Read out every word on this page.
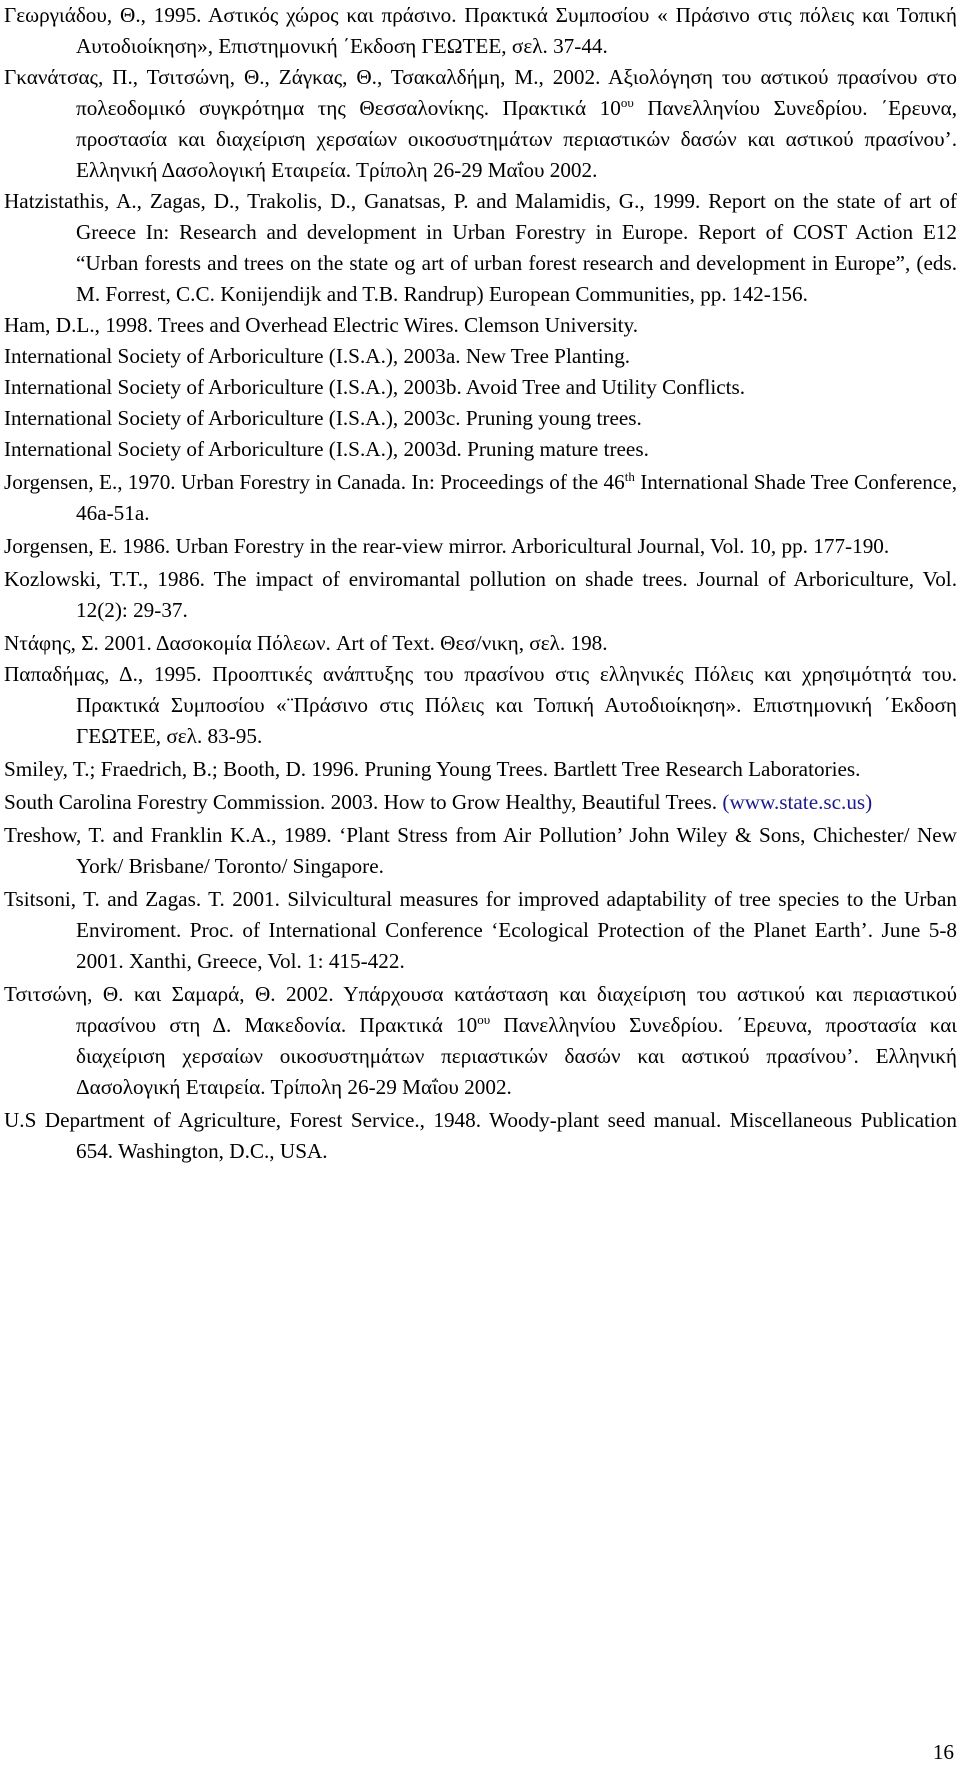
Γεωργιάδου, Θ., 1995. Αστικός χώρος και πράσινο. Πρακτικά Συμποσίου « Πράσινο στις πόλεις και Τοπική Αυτοδιοίκηση», Επιστημονική ΄Εκδοση ΓΕΩΤΕΕ, σελ. 37-44.
Γκανάτσας, Π., Τσιτσώνη, Θ., Ζάγκας, Θ., Τσακαλδήμη, Μ., 2002. Αξιολόγηση του αστικού πρασίνου στο πολεοδομικό συγκρότημα της Θεσσαλονίκης. Πρακτικά $10^{o\upsilon}$ Πανελληνίου Συνεδρίου. ΄Ερευνα, προστασία και διαχείριση χερσαίων οικοσυστημάτων περιαστικών δασών και αστικού πρασίνου’. Ελληνική Δασολογική Εταιρεία. Τρίπολη 26-29 Μαΐου 2002.
Hatzistathis, A., Zagas, D., Trakolis, D., Ganatsas, P. and Malamidis, G., 1999. Report on the state of art of Greece In: Research and development in Urban Forestry in Europe. Report of COST Action E12 “Urban forests and trees on the state og art of urban forest research and development in Europe”, (eds. M. Forrest, C.C. Konijendijk and T.B. Randrup) European Communities, pp. 142-156.
Ham, D.L., 1998. Trees and Overhead Electric Wires. Clemson University.
International Society of Arboriculture (I.S.A.), 2003a. New Tree Planting.
International Society of Arboriculture (I.S.A.), 2003b. Avoid Tree and Utility Conflicts.
International Society of Arboriculture (I.S.A.), 2003c. Pruning young trees.
International Society of Arboriculture (I.S.A.), 2003d. Pruning mature trees.
Jorgensen, E., 1970. Urban Forestry in Canada. In: Proceedings of the 46th International Shade Tree Conference, 46a-51a.
Jorgensen, E. 1986. Urban Forestry in the rear-view mirror. Arboricultural Journal, Vol. 10, pp. 177-190.
Kozlowski, T.T., 1986. The impact of enviromantal pollution on shade trees. Journal of Arboriculture, Vol. 12(2): 29-37.
Ντάφης, Σ. 2001. Δασοκομία Πόλεων. Art of Text. Θεσ/νικη, σελ. 198.
Παπαδήμας, Δ., 1995. Προοπτικές ανάπτυξης του πρασίνου στις ελληνικές Πόλεις και χρησιμότητά του. Πρακτικά Συμποσίου «¨Πράσινο στις Πόλεις και Τοπική Αυτοδιοίκηση». Επιστημονική ΄Εκδοση ΓΕΩΤΕΕ, σελ. 83-95.
Smiley, T.; Fraedrich, B.; Booth, D. 1996. Pruning Young Trees. Bartlett Tree Research Laboratories.
South Carolina Forestry Commission. 2003. How to Grow Healthy, Beautiful Trees. (www.state.sc.us)
Treshow, T. and Franklin K.A., 1989. ‘Plant Stress from Air Pollution’ John Wiley & Sons, Chichester/ New York/ Brisbane/ Toronto/ Singapore.
Tsitsoni, T. and Zagas. T. 2001. Silvicultural measures for improved adaptability of tree species to the Urban Enviroment. Proc. of International Conference ‘Ecological Protection of the Planet Earth’. June 5-8 2001. Xanthi, Greece, Vol. 1: 415-422.
Τσιτσώνη, Θ. και Σαμαρά, Θ. 2002. Υπάρχουσα κατάσταση και διαχείριση του αστικού και περιαστικού πρασίνου στη Δ. Μακεδονία. Πρακτικά $10^{o\upsilon}$ Πανελληνίου Συνεδρίου. ΄Ερευνα, προστασία και διαχείριση χερσαίων οικοσυστημάτων περιαστικών δασών και αστικού πρασίνου’. Ελληνική Δασολογική Εταιρεία. Τρίπολη 26-29 Μαΐου 2002.
U.S Department of Agriculture, Forest Service., 1948. Woody-plant seed manual. Miscellaneous Publication 654. Washington, D.C., USA.
16
